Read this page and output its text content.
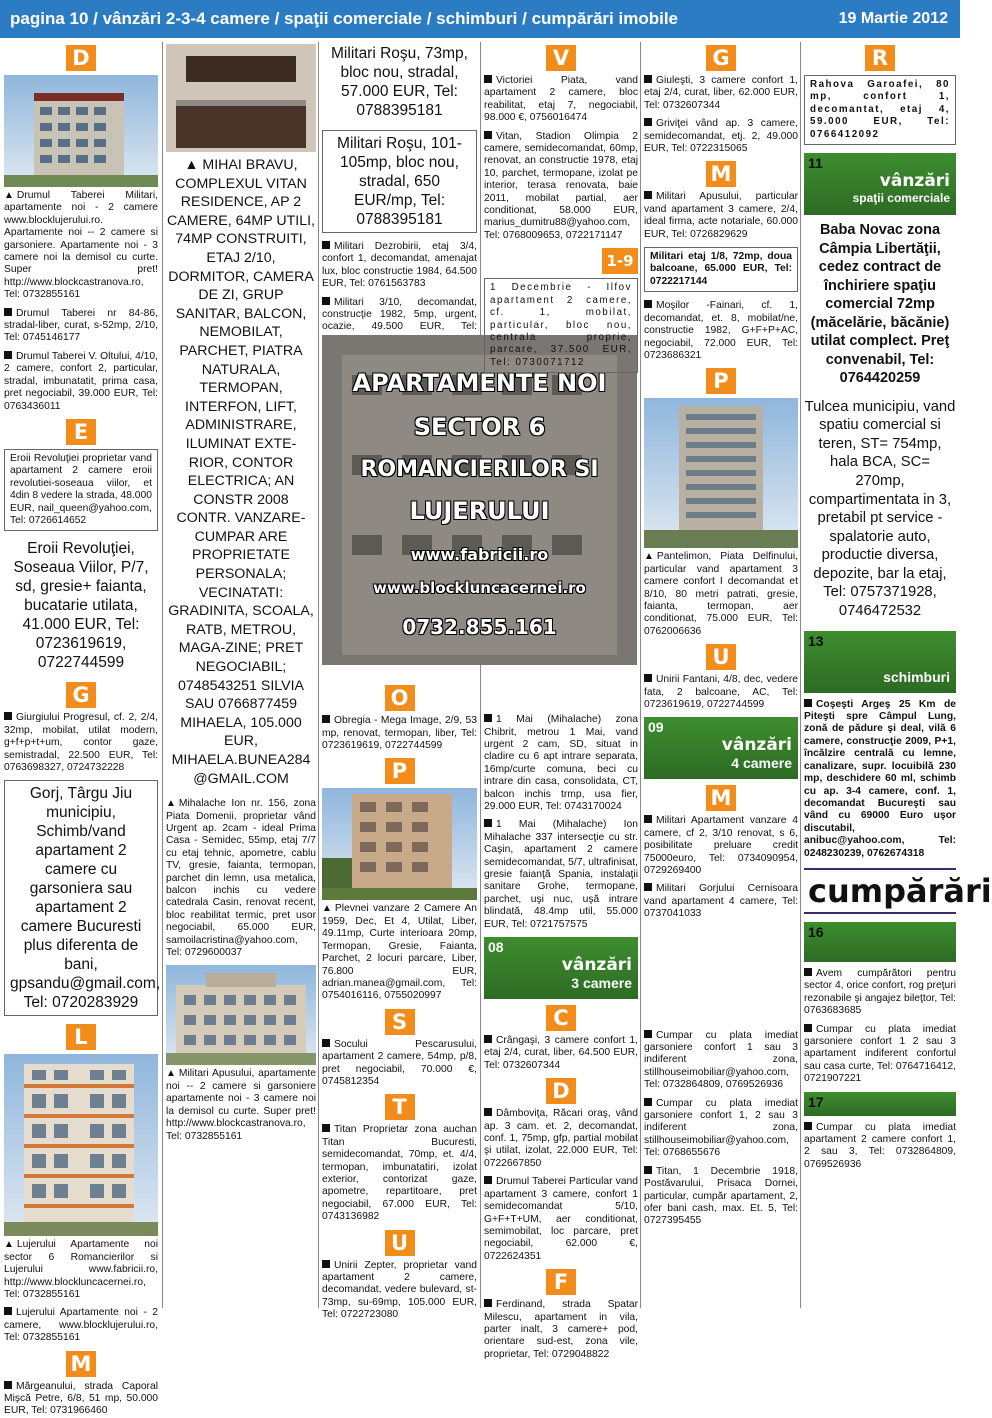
pagina 10 / vânzări 2-3-4 camere / spaţii comerciale / schimburi / cumpărări imobile	19 Martie 2012
D

▲ Drumul Taberei Militari, apartamente noi - 2 camere www.blocklujerului.ro. Apartamente noi -- 2 camere si garsoniere. Apartamente noi - 3 camere noi la demisol cu curte. Super pret! http://www.blockcastranova.ro, Tel: 0732855161

Drumul Taberei nr 84-86, stradal-liber, curat, s-52mp, 2/10, Tel: 0745146177

Drumul Taberei V. Oltului, 4/10, 2 camere, confort 2, particular, stradal, imbunatatit, prima casa, pret negociabil, 39.000 EUR, Tel: 0763436011

E

Eroii Revoluţiei proprietar vand apartament 2 camere eroii revolutiei-soseaua viilor, et 4din 8 vedere la strada, 48.000 EUR, nail_queen@yahoo.com, Tel: 0726614652

Eroii Revoluţiei, Soseaua Viilor, P/7, sd, gresie+ faianta, bucatarie utilata, 41.000 EUR, Tel: 0723619619, 0722744599

G

Giurgiului Progresul, cf. 2, 2/4, 32mp, mobilat, utilat modern, g+f+p+t+um, contor gaze, semistradal, 22.500 EUR, Tel: 0763698327, 0724732228

Gorj, Târgu Jiu municipiu, Schimb/vand apartament 2 camere cu garsoniera sau apartament 2 camere Bucuresti plus diferenta de bani, gpsandu@gmail.com, Tel: 0720283929

L

▲ Lujerului Apartamente noi sector 6 Romancierilor si Lujerului www.fabricii.ro, http://www.blockluncacernei.ro, Tel: 0732855161

Lujerului Apartamente noi - 2 camere, www.blocklujerului.ro, Tel: 0732855161

M

Mărgeanului, strada Caporal Mişcă Petre, 6/8, 51 mp, 50.000 EUR, Tel: 0731966460

▲ MIHAI BRAVU, COMPLEXUL VITAN RESIDENCE, AP 2 CAMERE, 64MP UTILI, 74MP CONSTRUITI, ETAJ 2/10, DORMITOR, CAMERA DE ZI, GRUP SANITAR, BALCON, NEMOBILAT, PARCHET, PIATRA NATURALA, TERMOPAN, INTERFON, LIFT, ADMINISTRARE, ILUMINAT EXTE-RIOR, CONTOR ELECTRICA; AN CONSTR 2008 CONTR. VANZARE-CUMPAR ARE PROPRIETATE PERSONALA; VECINATATI: GRADINITA, SCOALA, RATB, METROU, MAGA-ZINE; PRET NEGOCIABIL; 0748543251 SILVIA SAU 0766877459 MIHAELA, 105.000 EUR, MIHAELA.BUNEA284 @GMAIL.COM

▲ Mihalache Ion nr. 156, zona Piata Domenii, proprietar vând Urgent ap. 2cam - ideal Prima Casa - Semidec, 55mp, etaj 7/7 cu etaj tehnic, apometre, cablu TV, gresie, faianta, termopan, parchet din lemn, usa metalica, balcon inchis cu vedere catedrala Casin, renovat recent, bloc reabilitat termic, pret usor negociabil, 65.000 EUR, samoilacristina@yahoo.com, Tel: 0729600037

▲ Militari Apusului, apartamente noi -- 2 camere si garsoniere apartamente noi - 3 camere noi la demisol cu curte. Super pret! http://www.blockcastranova.ro, Tel: 0732855161

Militari Roşu, 73mp, bloc nou, stradal, 57.000 EUR, Tel: 0788395181

Militari Roşu, 101-105mp, bloc nou, stradal, 650 EUR/mp, Tel: 0788395181

Militari Dezrobirii, etaj 3/4, confort 1, decomandat, amenajat lux, bloc constructie 1984, 64.500 EUR, Tel: 0761563783

Militari 3/10, decomandat, construcţie 1982, 5mp, urgent, ocazie, 49.500 EUR, Tel:

O

Obregia - Mega Image, 2/9, 53 mp, renovat, termopan, liber, Tel: 0723619619, 0722744599

P

▲ Plevnei vanzare 2 Camere An 1959, Dec, Et 4, Utilat, Liber, 49.11mp, Curte interioara 20mp, Termopan, Gresie, Faianta, Parchet, 2 locuri parcare, Liber, 76.800 EUR, adrian.manea@gmail.com, Tel: 0754016116, 0755020997

S

Socului Pescarusului, apartament 2 camere, 54mp, p/8, pret negociabil, 70.000 €, 0745812354

T

Titan Proprietar zona auchan Titan Bucuresti, semidecomandat, 70mp, et. 4/4, termopan, imbunatatiri, izolat exterior, contorizat gaze, apometre, repartitoare, pret negociabil, 67.000 EUR, Tel: 0743136982

U

Unirii Zepter, proprietar vand apartament 2 camere, decomandat, vedere bulevard, st-73mp, su-69mp, 105.000 EUR, Tel: 0722723080

APARTAMENTE NOI
SECTOR 6
ROMANCIERILOR SI
LUJERULUI
www.fabricii.ro
www.blockluncacernei.ro
0732.855.161
V

Victoriei Piata, vand apartament 2 camere, bloc reabilitat, etaj 7, negociabil, 98.000 €, 0756016474

Vitan, Stadion Olimpia 2 camere, semidecomandat, 60mp, renovat, an constructie 1978, etaj 10, parchet, termopane, izolat pe interior, terasa renovata, baie 2011, mobilat partial, aer conditionat, 58.000 EUR, marius_dumitru88@yahoo.com, Tel: 0768009653, 0722171147

1-9

1 Decembrie - Ilfov apartament 2 camere, cf. 1, mobilat, particular, bloc nou, centrala proprie, parcare, 37.500 EUR, Tel: 0730071712

1 Mai (Mihalache) zona Chibrit, metrou 1 Mai, vand urgent 2 cam, SD, situat in cladire cu 6 apt intrare separata, 16mp/curte comuna, beci cu intrare din casa, consolidata, CT, balcon inchis trmp, usa fier, 29.000 EUR, Tel: 0743170024

1 Mai (Mihalache) Ion Mihalache 337 intersecţie cu str. Caşin, apartament 2 camere semidecomandat, 5/7, ultrafinisat, gresie faianţă Spania, instalaţii sanitare Grohe, termopane, parchet, uşi nuc, uşă intrare blindată, 48.4mp util, 55.000 EUR, Tel: 0721757575

08
vânzări
3 camere
C

Crângaşi, 3 camere confort 1, etaj 2/4, curat, liber, 64.500 EUR, Tel: 0732607344

D

Dâmboviţa, Răcari oraş, vând ap. 3 cam. et. 2, decomandat, conf. 1, 75mp, gfp, partial mobilat şi utilat, izolat, 22.000 EUR, Tel: 0722667850

Drumul Taberei Particular vand apartament 3 camere, confort 1 semidecomandat 5/10, G+F+T+UM, aer conditionat, semimobilat, loc parcare, pret negociabil, 62.000 €, 0722624351

F

Ferdinand, strada Spatar Milescu, apartament in vila, parter inalt, 3 camere+ pod, orientare sud-est, zona vile, proprietar, Tel: 0729048822

G

Giuleşti, 3 camere confort 1, etaj 2/4, curat, liber, 62.000 EUR, Tel: 0732607344

Griviţei vând ap. 3 camere, semidecomandat, etj. 2, 49.000 EUR, Tel: 0722315065

M

Militari Apusului, particular vand apartament 3 camere, 2/4, ideal firma, acte notariale, 60.000 EUR, Tel: 0726829629

Militari etaj 1/8, 72mp, doua balcoane, 65.000 EUR, Tel: 0722217144

Moşilor -Fainari, cf. 1, decomandat, et. 8, mobilat/ne, constructie 1982, G+F+P+AC, negociabil, 72.000 EUR, Tel: 0723686321

P

▲ Pantelimon, Piata Delfinului, particular vand apartament 3 camere confort I decomandat et 8/10, 80 metri patrati, gresie, faianta, termopan, aer conditionat, 75.000 EUR, Tel: 0762006636

U

Unirii Fantani, 4/8, dec, vedere fata, 2 balcoane, AC, Tel: 0723619619, 0722744599

09
vânzări
4 camere
M

Militari Apartament vanzare 4 camere, cf 2, 3/10 renovat, s 6, posibilitate preluare credit 75000euro, Tel: 0734090954, 0729269400

Militari Gorjului Cernisoara vand apartament 4 camere, Tel: 0737041033

Cumpar cu plata imediat garsoniere confort 1 sau 3 indiferent zona, stillhouseimobiliar@yahoo.com, Tel: 0732864809, 0769526936

Cumpar cu plata imediat garsoniere confort 1, 2 sau 3 indiferent zona, stillhouseimobiliar@yahoo.com, Tel: 0768655676

Titan, 1 Decembrie 1918, Postăvarului, Prisaca Dornei, particular, cumpăr apartament, 2, ofer bani cash, max. Et. 5, Tel: 0727395455

R

Rahova Garoafei, 80 mp, confort 1, decomantat, etaj 4, 59.000 EUR, Tel: 0766412092

11
vânzări
spaţii comerciale

Baba Novac zona Câmpia Libertăţii, cedez contract de închiriere spaţiu comercial 72mp (măcelărie, băcănie) utilat complect. Preţ convenabil, Tel: 0764420259

Tulcea municipiu, vand spatiu comercial si teren, ST= 754mp, hala BCA, SC= 270mp, compartimentata in 3, pretabil pt service - spalatorie auto, productie diversa, depozite, bar la etaj, Tel: 0757371928, 0746472532

13
schimburi

Coşeşti Argeş 25 Km de Piteşti spre Câmpul Lung, zonă de pădure şi deal, vilă 6 camere, construcţie 2009, P+1, încălzire centrală cu lemne, canalizare, supr. locuibilă 230 mp, deschidere 60 ml, schimb cu ap. 3-4 camere, conf. 1, decomandat Bucureşti sau vând cu 69000 Euro uşor discutabil, anibuc@yahoo.com, Tel: 0248230239, 0762674318

cumpărări
16

Avem cumpărători pentru sector 4, orice confort, rog preţuri rezonabile şi angajez bileţtor, Tel: 0763683685

Cumpar cu plata imediat garsoniere confort 1 2 sau 3 apartament indiferent confortul sau casa curte, Tel: 0764716412, 0721907221

17

Cumpar cu plata imediat apartament 2 camere confort 1, 2 sau 3, Tel: 0732864809, 0769526936
